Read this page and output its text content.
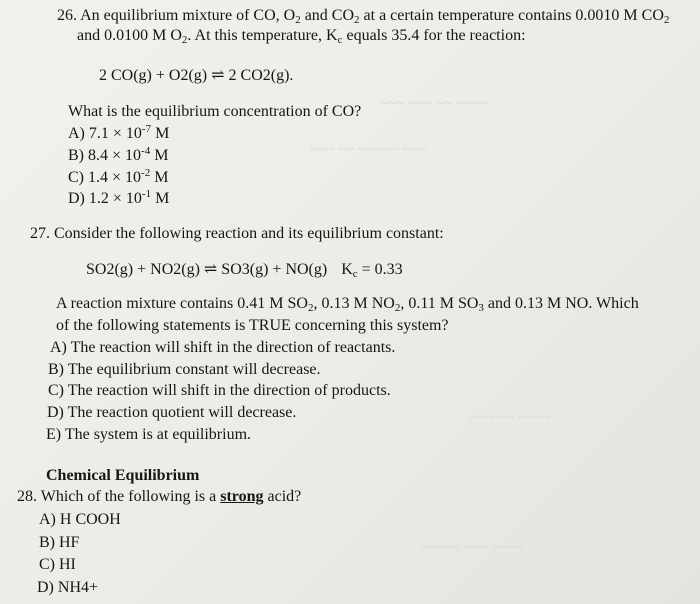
~~~ ~~~ ~~ ~~~~
~~~ ~~ ~~~~~ ~~~
~~~ ~~ ~~~~
~~~~~ ~~~ ~~~~
26. An equilibrium mixture of CO, $O_2$ and $CO_2$ at a certain temperature contains 0.0010 M $CO_2$
and 0.0100 M $O_2$. At this temperature, $K_c$ equals 35.4 for the reaction:
2 CO(g) + O2(g) ⇌ 2 CO2(g).
What is the equilibrium concentration of CO?
A) $7.1 \times 10^{-7}$ M
B) $8.4 \times 10^{-4}$ M
C) $1.4 \times 10^{-2}$ M
D) $1.2 \times 10^{-1}$ M
27. Consider the following reaction and its equilibrium constant:
SO2(g) + NO2(g) ⇌ SO3(g) + NO(g) $K_c = 0.33$
A reaction mixture contains 0.41 M $SO_2$, 0.13 M $NO_2$, 0.11 M $SO_3$ and 0.13 M NO. Which
of the following statements is TRUE concerning this system?
A) The reaction will shift in the direction of reactants.
B) The equilibrium constant will decrease.
C) The reaction will shift in the direction of products.
D) The reaction quotient will decrease.
E) The system is at equilibrium.
Chemical Equilibrium
28. Which of the following is a strong acid?
A) H COOH
B) HF
C) HI
D) NH4+
